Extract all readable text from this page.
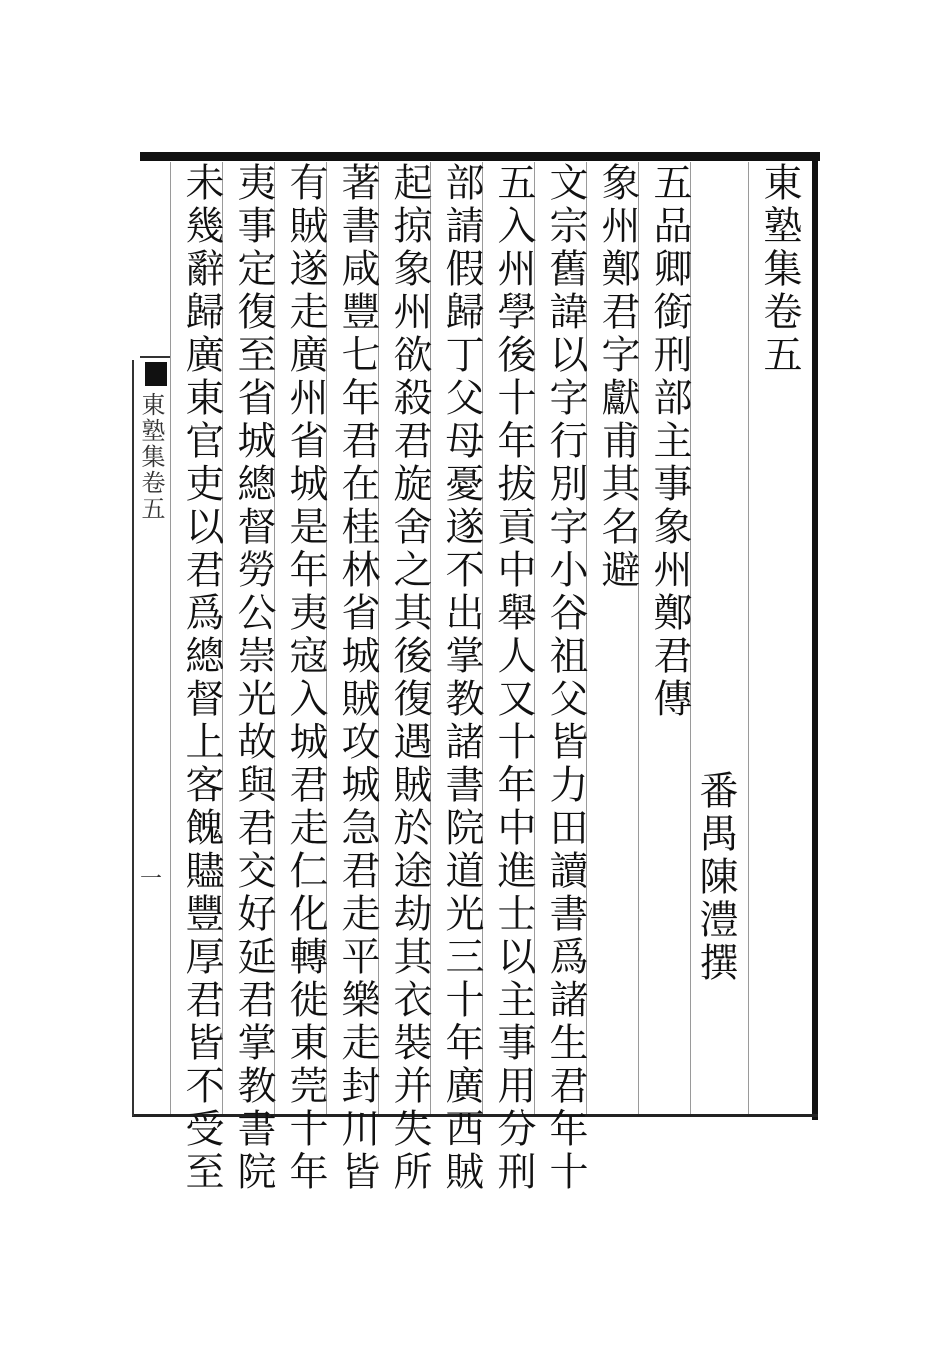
東塾集卷五
番禺陳澧撰
五品卿銜刑部主事象州鄭君傳
象州鄭君字獻甫其名避
文宗舊諱以字行別字小谷祖父皆力田讀書爲諸生君年十
五入州學後十年拔貢中舉人又十年中進士以主事用分刑
部請假歸丁父母憂遂不出掌教諸書院道光三十年廣西賊
起掠象州欲殺君旋舍之其後復遇賊於途劫其衣裝并失所
著書咸豐七年君在桂林省城賊攻城急君走平樂走封川皆
有賊遂走廣州省城是年夷寇入城君走仁化轉徙東莞十年
夷事定復至省城總督勞公崇光故與君交好延君掌教書院
未幾辭歸廣東官吏以君爲總督上客餽贐豐厚君皆不受至
東塾集卷五
一
